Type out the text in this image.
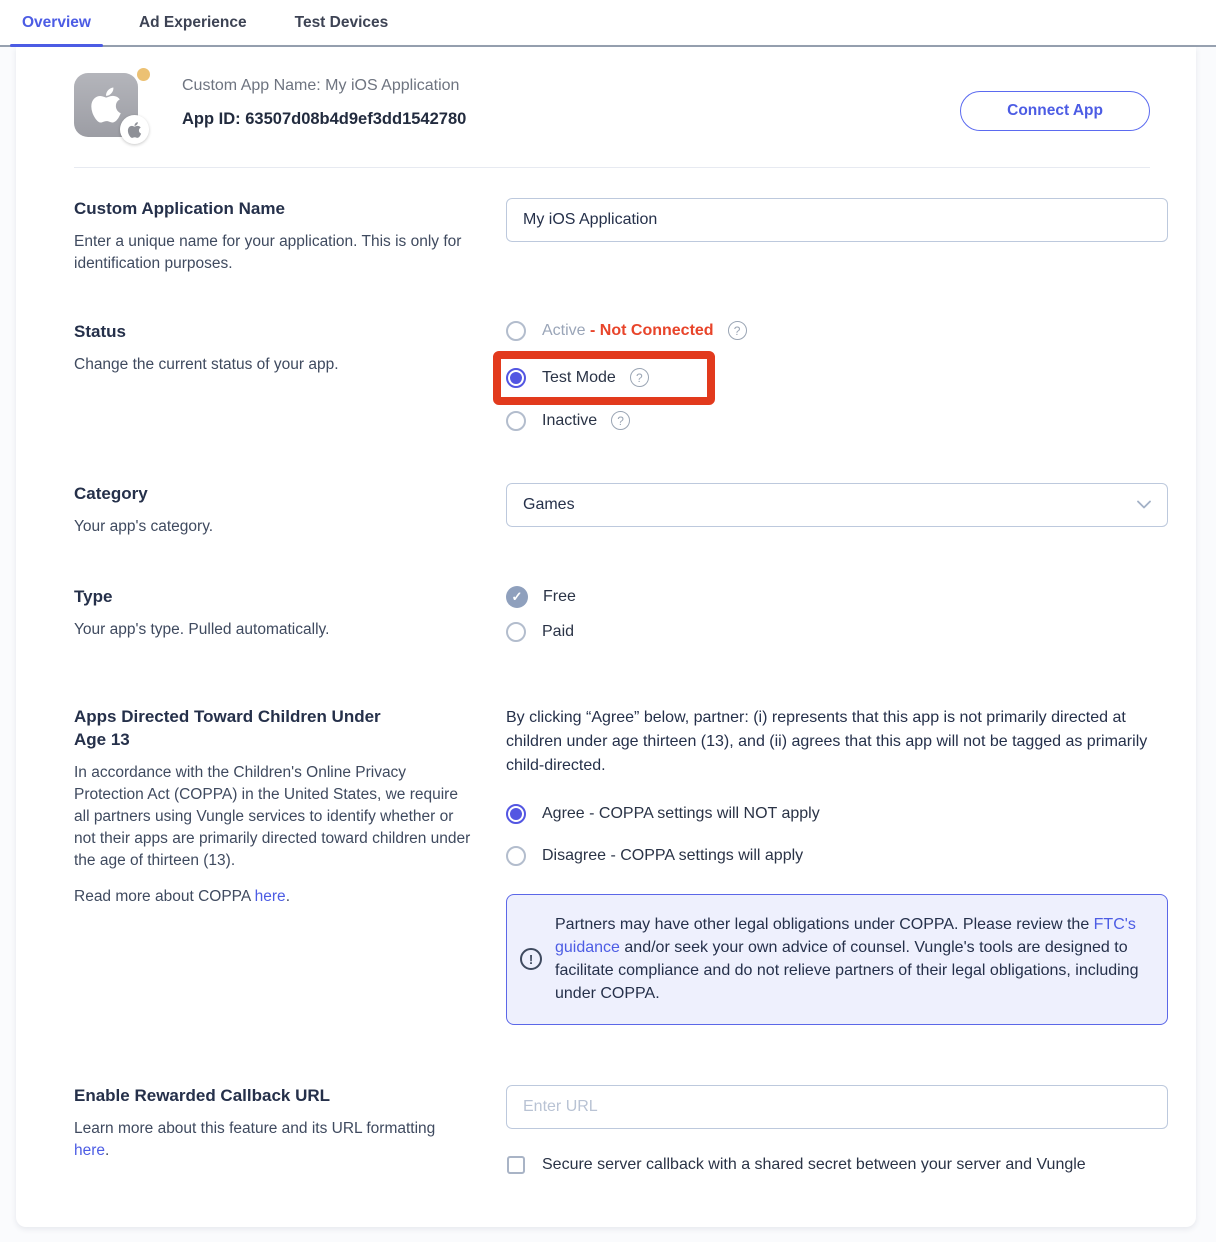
Overview	Ad Experience	Test Devices

Custom App Name: My iOS Application

App ID: 63507d08b4d9ef3dd1542780	Connect App
Custom Application Name

Enter a unique name for your application. This is only for identification purposes.

My iOS Application
Status

Change the current status of your app.

Active - Not Connected	?
Test Mode	?
Inactive	?
Category

Your app's category.

Games
Type

Your app's type. Pulled automatically.

✓	Free
Paid
Apps Directed Toward Children Under Age 13

In accordance with the Children's Online Privacy Protection Act (COPPA) in the United States, we require all partners using Vungle services to identify whether or not their apps are primarily directed toward children under the age of thirteen (13).

Read more about COPPA here.

By clicking “Agree” below, partner: (i) represents that this app is not primarily directed at children under age thirteen (13), and (ii) agrees that this app will not be tagged as primarily child-directed.

Agree - COPPA settings will NOT apply
Disagree - COPPA settings will apply
!

Partners may have other legal obligations under COPPA. Please review the FTC's guidance and/or seek your own advice of counsel. Vungle's tools are designed to facilitate compliance and do not relieve partners of their legal obligations, including under COPPA.

Enable Rewarded Callback URL

Learn more about this feature and its URL formatting here.

Enter URL
Secure server callback with a shared secret between your server and Vungle
